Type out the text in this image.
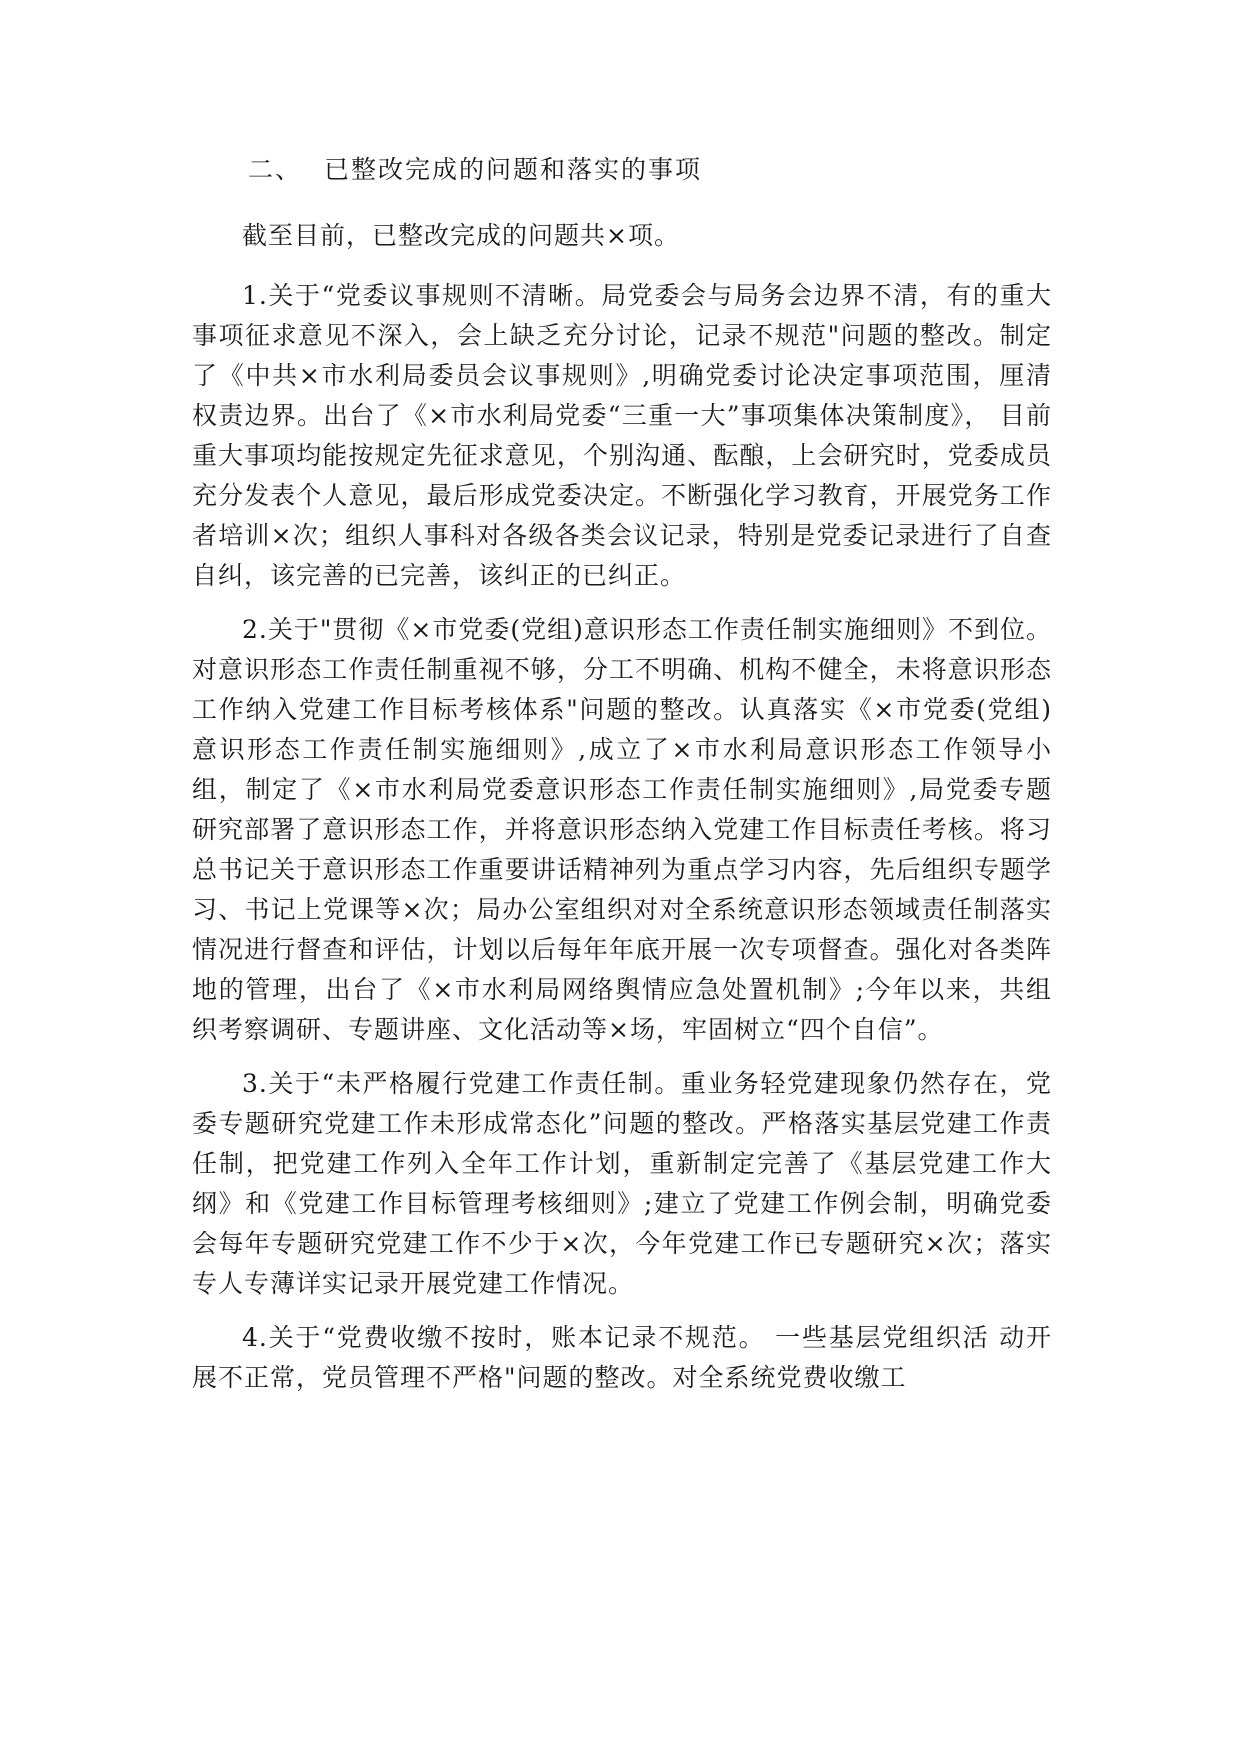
二、 已整改完成的问题和落实的事项

截至目前，已整改完成的问题共×项。

1.关于“党委议事规则不清晰。局党委会与局务会边界不清，有的重大事项征求意见不深入，会上缺乏充分讨论，记录不规范"问题的整改。制定了《中共×市水利局委员会议事规则》,明确党委讨论决定事项范围，厘清权责边界。出台了《×市水利局党委“三重一大”事项集体决策制度》， 目前重大事项均能按规定先征求意见，个别沟通、酝酿，上会研究时，党委成员充分发表个人意见，最后形成党委决定。不断强化学习教育，开展党务工作者培训×次；组织人事科对各级各类会议记录，特别是党委记录进行了自查自纠，该完善的已完善，该纠正的已纠正。

2.关于"贯彻《×市党委(党组)意识形态工作责任制实施细则》不到位。对意识形态工作责任制重视不够，分工不明确、机构不健全，未将意识形态工作纳入党建工作目标考核体系"问题的整改。认真落实《×市党委(党组)意识形态工作责任制实施细则》,成立了×市水利局意识形态工作领导小组，制定了《×市水利局党委意识形态工作责任制实施细则》,局党委专题研究部署了意识形态工作，并将意识形态纳入党建工作目标责任考核。将习总书记关于意识形态工作重要讲话精神列为重点学习内容，先后组织专题学习、书记上党课等×次；局办公室组织对对全系统意识形态领域责任制落实情况进行督查和评估，计划以后每年年底开展一次专项督查。强化对各类阵地的管理，出台了《×市水利局网络舆情应急处置机制》;今年以来，共组织考察调研、专题讲座、文化活动等×场，牢固树立“四个自信”。

3.关于“未严格履行党建工作责任制。重业务轻党建现象仍然存在，党委专题研究党建工作未形成常态化”问题的整改。严格落实基层党建工作责任制，把党建工作列入全年工作计划，重新制定完善了《基层党建工作大纲》和《党建工作目标管理考核细则》;建立了党建工作例会制，明确党委会每年专题研究党建工作不少于×次，今年党建工作已专题研究×次；落实专人专薄详实记录开展党建工作情况。

4.关于“党费收缴不按时，账本记录不规范。 一些基层党组织活 动开展不正常，党员管理不严格"问题的整改。对全系统党费收缴工
